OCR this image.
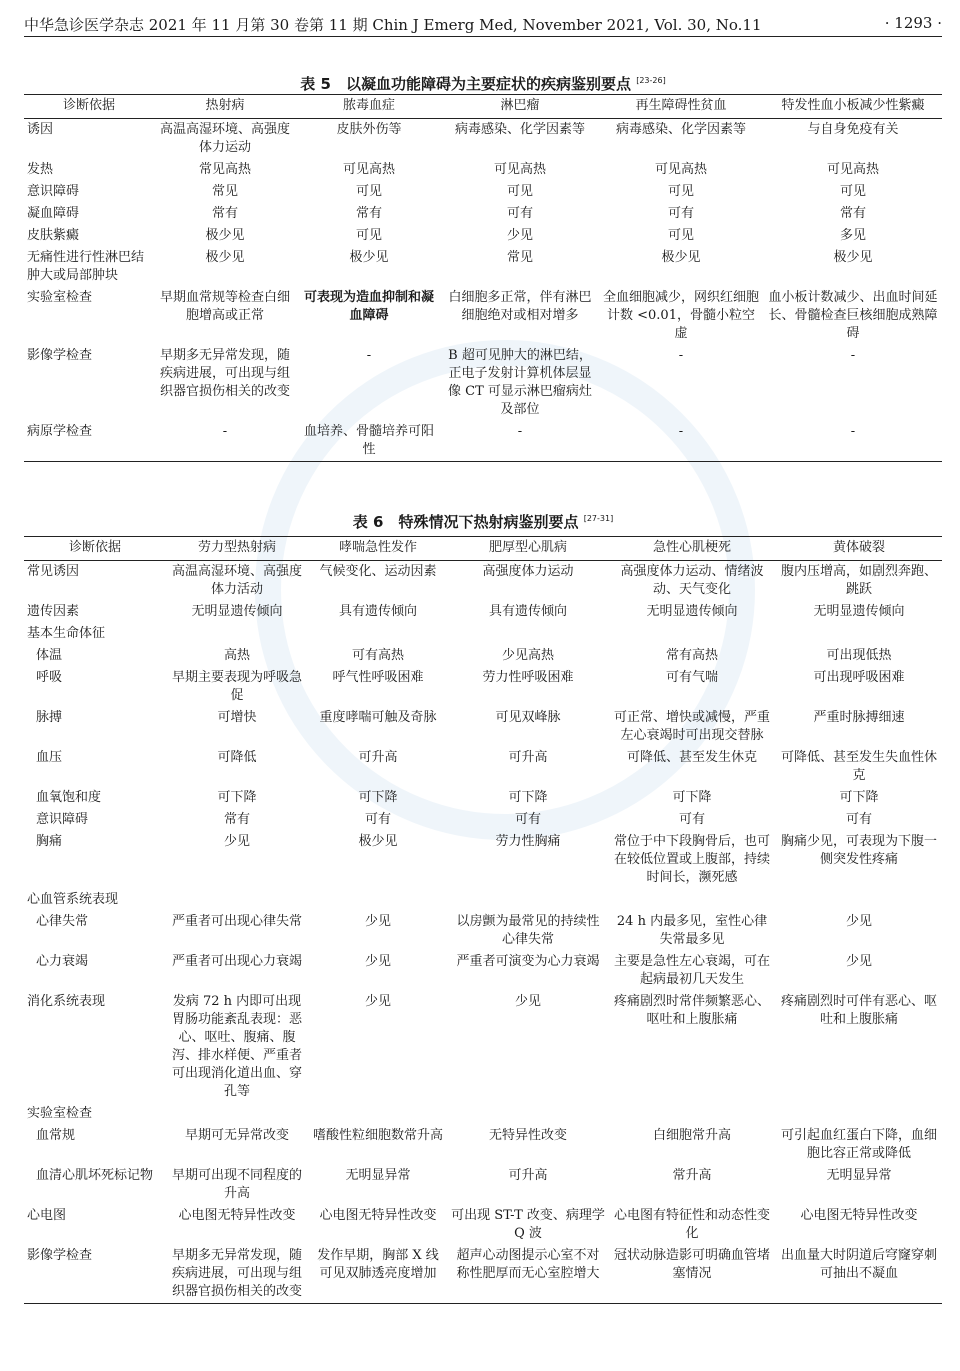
中华急诊医学杂志 2021 年 11 月第 30 卷第 11 期 Chin J Emerg Med, November 2021, Vol. 30, No.11	· 1293 ·

表 5　以凝血功能障碍为主要症状的疾病鉴别要点 [23-26]

诊断依据	热射病	脓毒血症	淋巴瘤	再生障碍性贫血	特发性血小板减少性紫癜
诱因	高温高湿环境、高强度体力运动	皮肤外伤等	病毒感染、化学因素等	病毒感染、化学因素等	与自身免疫有关
发热	常见高热	可见高热	可见高热	可见高热	可见高热
意识障碍	常见	可见	可见	可见	可见
凝血障碍	常有	常有	可有	可有	常有
皮肤紫癜	极少见	可见	少见	可见	多见
无痛性进行性淋巴结肿大或局部肿块	极少见	极少见	常见	极少见	极少见
实验室检查	早期血常规等检查白细胞增高或正常	可表现为造血抑制和凝血障碍	白细胞多正常，伴有淋巴细胞绝对或相对增多	全血细胞减少，网织红细胞计数 <0.01，骨髓小粒空虚	血小板计数减少、出血时间延长、骨髓检查巨核细胞成熟障碍
影像学检查	早期多无异常发现，随疾病进展，可出现与组织器官损伤相关的改变	-	B 超可见肿大的淋巴结，正电子发射计算机体层显像 CT 可显示淋巴瘤病灶及部位	-	-
病原学检查	-	血培养、骨髓培养可阳性	-	-	-

表 6　特殊情况下热射病鉴别要点 [27-31]

诊断依据	劳力型热射病	哮喘急性发作	肥厚型心肌病	急性心肌梗死	黄体破裂
常见诱因	高温高湿环境、高强度体力活动	气候变化、运动因素	高强度体力运动	高强度体力运动、情绪波动、天气变化	腹内压增高，如剧烈奔跑、跳跃
遗传因素	无明显遗传倾向	具有遗传倾向	具有遗传倾向	无明显遗传倾向	无明显遗传倾向
基本生命体征					
体温	高热	可有高热	少见高热	常有高热	可出现低热
呼吸	早期主要表现为呼吸急促	呼气性呼吸困难	劳力性呼吸困难	可有气喘	可出现呼吸困难
脉搏	可增快	重度哮喘可触及奇脉	可见双峰脉	可正常、增快或减慢，严重左心衰竭时可出现交替脉	严重时脉搏细速
血压	可降低	可升高	可升高	可降低、甚至发生休克	可降低、甚至发生失血性休克
血氧饱和度	可下降	可下降	可下降	可下降	可下降
意识障碍	常有	可有	可有	可有	可有
胸痛	少见	极少见	劳力性胸痛	常位于中下段胸骨后，也可在较低位置或上腹部，持续时间长，濒死感	胸痛少见，可表现为下腹一侧突发性疼痛
心血管系统表现					
心律失常	严重者可出现心律失常	少见	以房颤为最常见的持续性心律失常	24 h 内最多见，室性心律失常最多见	少见
心力衰竭	严重者可出现心力衰竭	少见	严重者可演变为心力衰竭	主要是急性左心衰竭，可在起病最初几天发生	少见
消化系统表现	发病 72 h 内即可出现胃肠功能紊乱表现：恶心、呕吐、腹痛、腹泻、排水样便、严重者可出现消化道出血、穿孔等	少见	少见	疼痛剧烈时常伴频繁恶心、呕吐和上腹胀痛	疼痛剧烈时可伴有恶心、呕吐和上腹胀痛
实验室检查					
血常规	早期可无异常改变	嗜酸性粒细胞数常升高	无特异性改变	白细胞常升高	可引起血红蛋白下降，血细胞比容正常或降低
血清心肌坏死标记物	早期可出现不同程度的升高	无明显异常	可升高	常升高	无明显异常
心电图	心电图无特异性改变	心电图无特异性改变	可出现 ST-T 改变、病理学 Q 波	心电图有特征性和动态性变化	心电图无特异性改变
影像学检查	早期多无异常发现，随疾病进展，可出现与组织器官损伤相关的改变	发作早期，胸部 X 线可见双肺透亮度增加	超声心动图提示心室不对称性肥厚而无心室腔增大	冠状动脉造影可明确血管堵塞情况	出血量大时阴道后穹窿穿刺可抽出不凝血
